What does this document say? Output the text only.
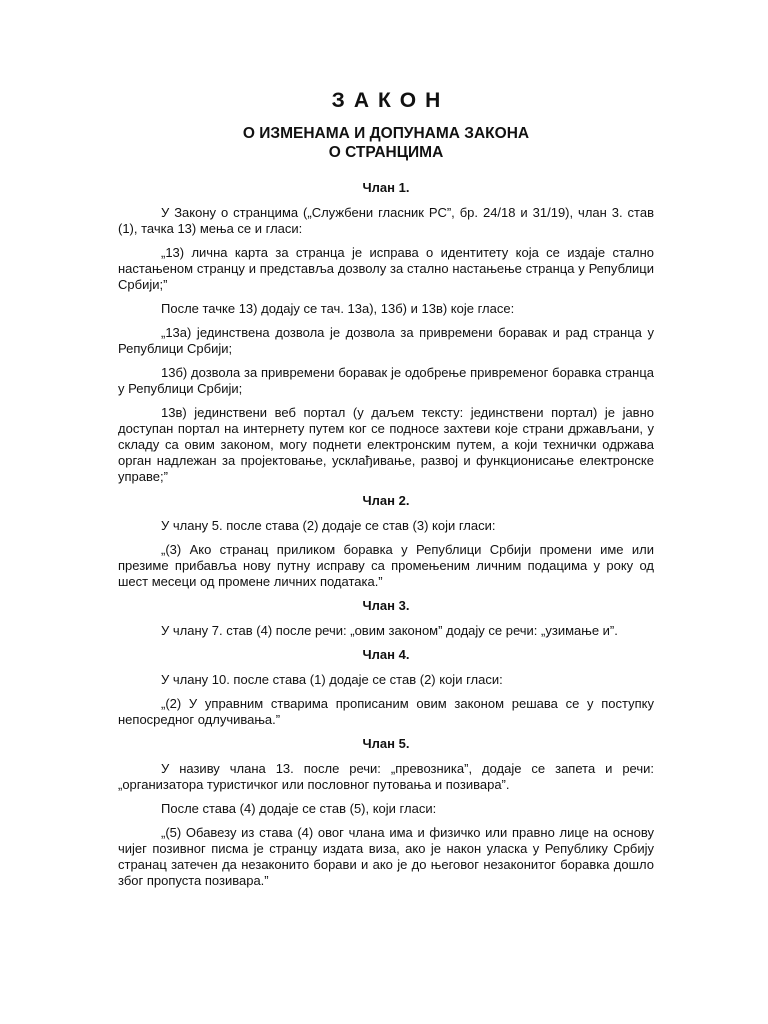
ЗАКОН
О ИЗМЕНАМА И ДОПУНАМА ЗАКОНА О СТРАНЦИМА
Члан 1.

У Закону о странцима („Службени гласник РС”, бр. 24/18 и 31/19), члан 3. став (1), тачка 13) мења се и гласи:

„13) лична карта за странца је исправа о идентитету која се издаје стално настањеном странцу и представља дозволу за стално настањење странца у Републици Србији;”

После тачке 13) додају се тач. 13а), 13б) и 13в) које гласе:

„13а) јединствена дозвола је дозвола за привремени боравак и рад странца у Републици Србији;

13б) дозвола за привремени боравак је одобрење привременог боравка странца у Републици Србији;

13в) јединствени веб портал (у даљем тексту: јединствени портал) је јавно доступан портал на интернету путем ког се подносе захтеви које страни држављани, у складу са овим законом, могу поднети електронским путем, а који технички одржава орган надлежан за пројектовање, усклађивање, развој и функционисање електронске управе;”

Члан 2.

У члану 5. после става (2) додаје се став (3) који гласи:

„(3) Ако странац приликом боравка у Републици Србији промени име или презиме прибавља нову путну исправу са промењеним личним подацима у року од шест месеци од промене личних података.”

Члан 3.

У члану 7. став (4) после речи: „овим законом” додају се речи: „узимање и”.

Члан 4.

У члану 10. после става (1) додаје се став (2) који гласи:

„(2) У управним стварима прописаним овим законом решава се у поступку непосредног одлучивања.”

Члан 5.

У називу члана 13. после речи: „превозника”, додаје се запета и речи: „организатора туристичког или пословног путовања и позивара”.

После става (4) додаје се став (5), који гласи:

„(5) Обавезу из става (4) овог члана има и физичко или правно лице на основу чијег позивног писма је странцу издата виза, ако је након уласка у Републику Србију странац затечен да незаконито борави и ако је до његовог незаконитог боравка дошло због пропуста позивара.”
